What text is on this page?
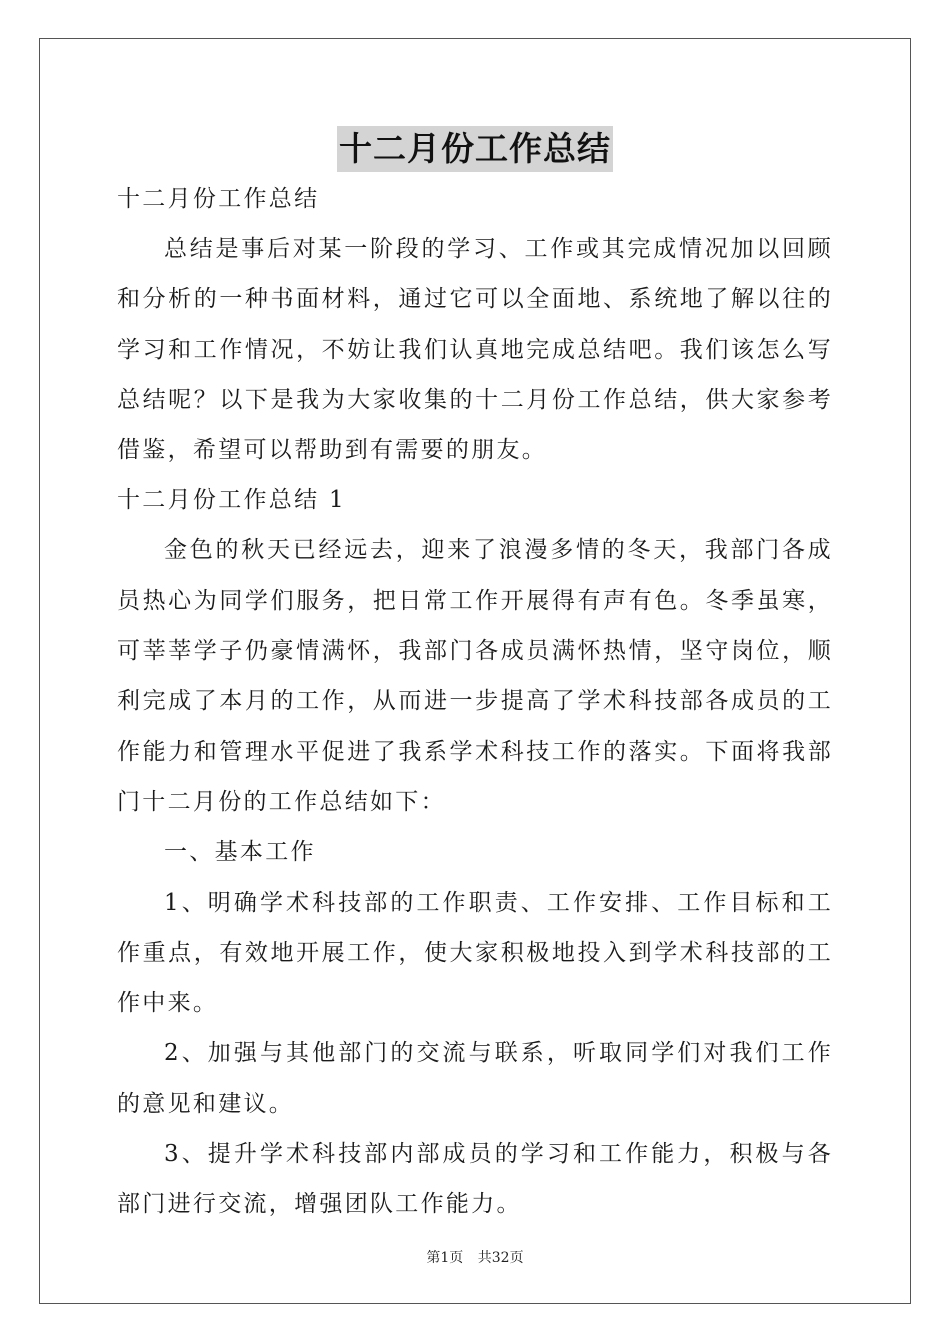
十二月份工作总结
十二月份工作总结

总结是事后对某一阶段的学习、工作或其完成情况加以回顾和分析的一种书面材料，通过它可以全面地、系统地了解以往的学习和工作情况，不妨让我们认真地完成总结吧。我们该怎么写总结呢？以下是我为大家收集的十二月份工作总结，供大家参考借鉴，希望可以帮助到有需要的朋友。

十二月份工作总结 1

金色的秋天已经远去，迎来了浪漫多情的冬天，我部门各成员热心为同学们服务，把日常工作开展得有声有色。冬季虽寒，可莘莘学子仍豪情满怀，我部门各成员满怀热情，坚守岗位，顺利完成了本月的工作，从而进一步提高了学术科技部各成员的工作能力和管理水平促进了我系学术科技工作的落实。下面将我部门十二月份的工作总结如下：

一、基本工作

1、明确学术科技部的工作职责、工作安排、工作目标和工作重点，有效地开展工作，使大家积极地投入到学术科技部的工作中来。

2、加强与其他部门的交流与联系，听取同学们对我们工作的意见和建议。

3、提升学术科技部内部成员的学习和工作能力，积极与各部门进行交流，增强团队工作能力。

第1页 共32页
